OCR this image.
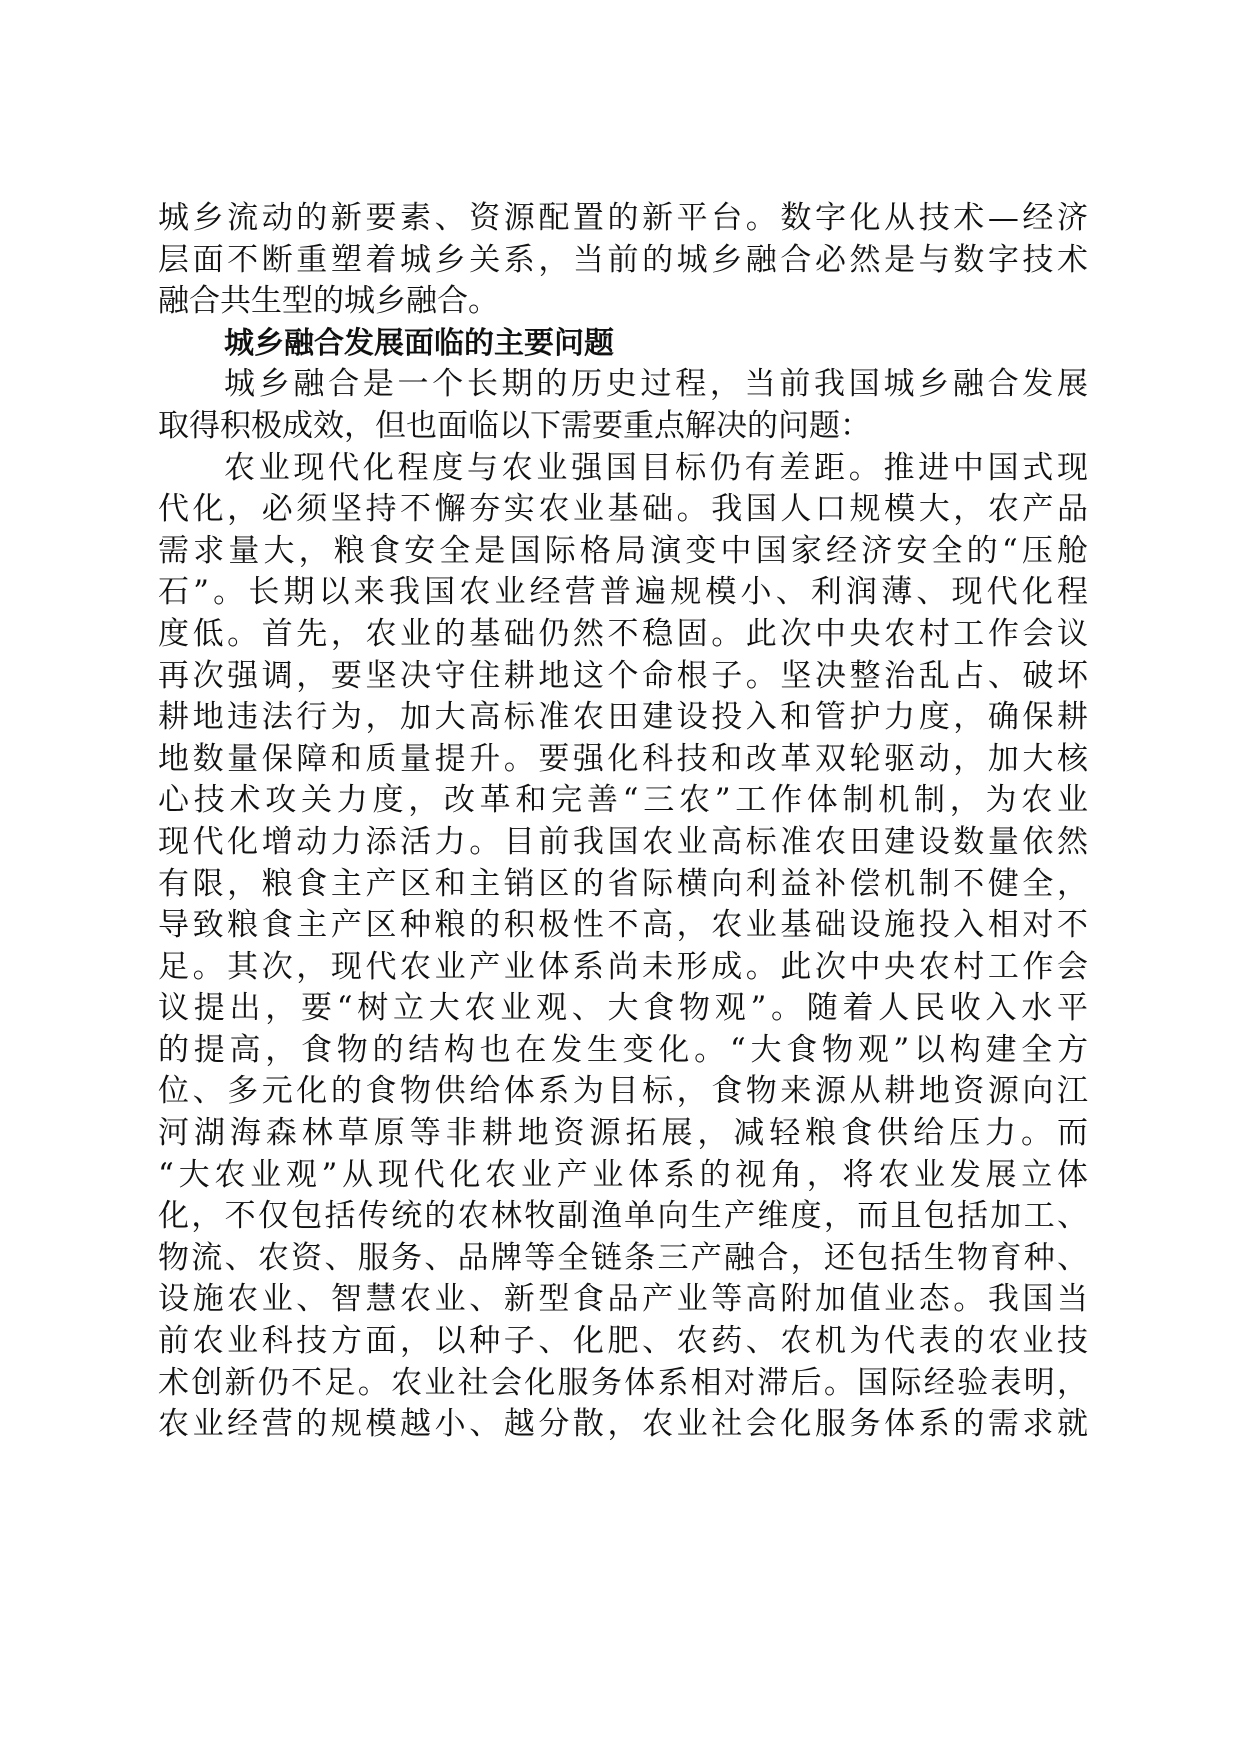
城乡流动的新要素、资源配置的新平台。数字化从技术—经济
层面不断重塑着城乡关系，当前的城乡融合必然是与数字技术
融合共生型的城乡融合。
城乡融合发展面临的主要问题
城乡融合是一个长期的历史过程，当前我国城乡融合发展
取得积极成效，但也面临以下需要重点解决的问题：
农业现代化程度与农业强国目标仍有差距。推进中国式现
代化，必须坚持不懈夯实农业基础。我国人口规模大，农产品
需求量大，粮食安全是国际格局演变中国家经济安全的“压舱
石”。长期以来我国农业经营普遍规模小、利润薄、现代化程
度低。首先，农业的基础仍然不稳固。此次中央农村工作会议
再次强调，要坚决守住耕地这个命根子。坚决整治乱占、破坏
耕地违法行为，加大高标准农田建设投入和管护力度，确保耕
地数量保障和质量提升。要强化科技和改革双轮驱动，加大核
心技术攻关力度，改革和完善“三农”工作体制机制，为农业
现代化增动力添活力。目前我国农业高标准农田建设数量依然
有限，粮食主产区和主销区的省际横向利益补偿机制不健全，
导致粮食主产区种粮的积极性不高，农业基础设施投入相对不
足。其次，现代农业产业体系尚未形成。此次中央农村工作会
议提出，要“树立大农业观、大食物观”。随着人民收入水平
的提高，食物的结构也在发生变化。“大食物观”以构建全方
位、多元化的食物供给体系为目标，食物来源从耕地资源向江
河湖海森林草原等非耕地资源拓展，减轻粮食供给压力。而
“大农业观”从现代化农业产业体系的视角，将农业发展立体
化，不仅包括传统的农林牧副渔单向生产维度，而且包括加工、
物流、农资、服务、品牌等全链条三产融合，还包括生物育种、
设施农业、智慧农业、新型食品产业等高附加值业态。我国当
前农业科技方面，以种子、化肥、农药、农机为代表的农业技
术创新仍不足。农业社会化服务体系相对滞后。国际经验表明，
农业经营的规模越小、越分散，农业社会化服务体系的需求就
